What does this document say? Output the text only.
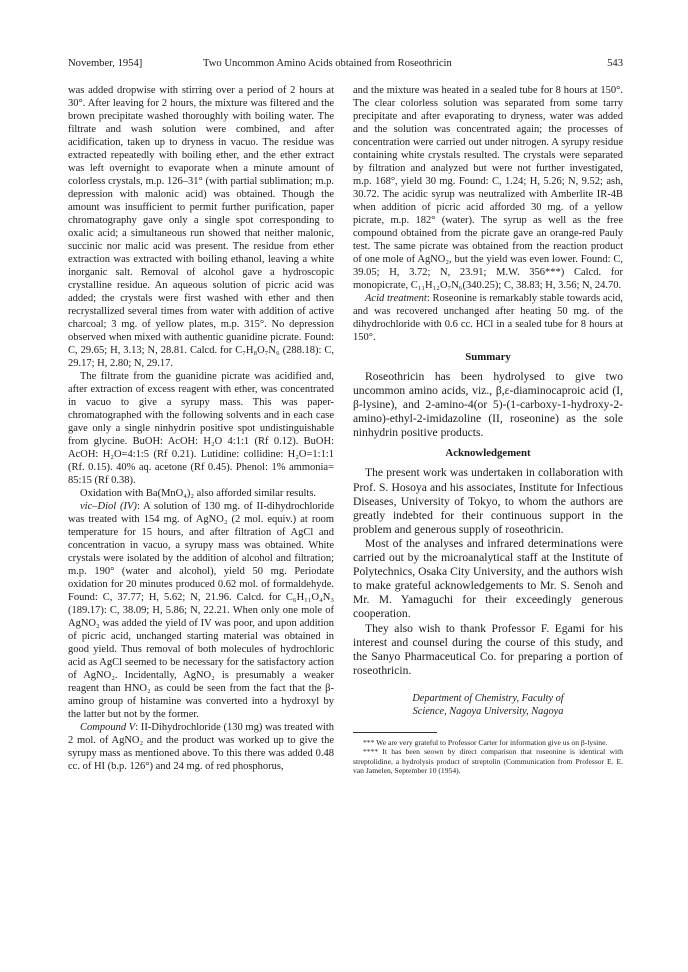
November, 1954]	Two Uncommon Amino Acids obtained from Roseothricin	543

was added dropwise with stirring over a period of 2 hours at 30°. After leaving for 2 hours, the mixture was filtered and the brown precipitate washed thoroughly with boiling water. The filtrate and wash solution were combined, and after acidification, taken up to dryness in vacuo. The residue was extracted repeatedly with boiling ether, and the ether extract was left overnight to evaporate when a minute amount of colorless crystals, m.p. 126–31° (with partial sublimation; m.p. depression with malonic acid) was obtained. Though the amount was insufficient to permit further purification, paper chromatography gave only a single spot corresponding to oxalic acid; a simultaneous run showed that neither malonic, succinic nor malic acid was present. The residue from ether extraction was extracted with boiling ethanol, leaving a white inorganic salt. Removal of alcohol gave a hydroscopic crystalline residue. An aqueous solution of picric acid was added; the crystals were first washed with ether and then recrystallized several times from water with addition of active charcoal; 3 mg. of yellow plates, m.p. 315°. No depression observed when mixed with authentic guanidine picrate. Found: C, 29.65; H, 3.13; N, 28.81. Calcd. for C₇H₈O₇N₆ (288.18): C, 29.17; H, 2.80; N, 29.17.

The filtrate from the guanidine picrate was acidified and, after extraction of excess reagent with ether, was concentrated in vacuo to give a syrupy mass. This was paper-chromatographed with the following solvents and in each case gave only a single ninhydrin positive spot undistinguishable from glycine. BuOH: AcOH: H₂O 4:1:1 (Rf 0.12). BuOH: AcOH: H₂O=4:1:5 (Rf 0.21). Lutidine: collidine: H₂O=1:1:1 (Rf. 0.15). 40% aq. acetone (Rf 0.45). Phenol: 1% ammonia= 85:15 (Rf 0.38).

Oxidation with Ba(MnO₄)₂ also afforded similar results.

vic–Diol (IV): A solution of 130 mg. of II-dihydrochloride was treated with 154 mg. of AgNO₂ (2 mol. equiv.) at room temperature for 15 hours, and after filtration of AgCl and concentration in vacuo, a syrupy mass was obtained. White crystals were isolated by the addition of alcohol and filtration; m.p. 190° (water and alcohol), yield 50 mg. Periodate oxidation for 20 minutes produced 0.62 mol. of formaldehyde. Found: C, 37.77; H, 5.62; N, 21.96. Calcd. for C₆H₁₁O₄N₃ (189.17): C, 38.09; H, 5.86; N, 22.21. When only one mole of AgNO₂ was added the yield of IV was poor, and upon addition of picric acid, unchanged starting material was obtained in good yield. Thus removal of both molecules of hydrochloric acid as AgCl seemed to be necessary for the satisfactory action of AgNO₂. Incidentally, AgNO₂ is presumably a weaker reagent than HNO₂ as could be seen from the fact that the β-amino group of histamine was converted into a hydroxyl by the latter but not by the former.

Compound V: II-Dihydrochloride (130 mg) was treated with 2 mol. of AgNO₂ and the product was worked up to give the syrupy mass as mentioned above. To this there was added 0.48 cc. of HI (b.p. 126°) and 24 mg. of red phosphorus,

and the mixture was heated in a sealed tube for 8 hours at 150°. The clear colorless solution was separated from some tarry precipitate and after evaporating to dryness, water was added and the solution was concentrated again; the processes of concentration were carried out under nitrogen. A syrupy residue containing white crystals resulted. The crystals were separated by filtration and analyzed but were not further investigated, m.p. 168°, yield 30 mg. Found: C, 1.24; H, 5.26; N, 9.52; ash, 30.72. The acidic syrup was neutralized with Amberlite IR-4B when addition of picric acid afforded 30 mg. of a yellow picrate, m.p. 182° (water). The syrup as well as the free compound obtained from the picrate gave an orange-red Pauly test. The same picrate was obtained from the reaction product of one mole of AgNO₂, but the yield was even lower. Found: C, 39.05; H, 3.72; N, 23.91; M.W. 356***) Calcd. for monopicrate, C₁₁H₁₂O₇N₆(340.25); C, 38.83; H, 3.56; N, 24.70.

Acid treatment: Roseonine is remarkably stable towards acid, and was recovered unchanged after heating 50 mg. of the dihydrochloride with 0.6 cc. HCl in a sealed tube for 8 hours at 150°.

Summary

Roseothricin has been hydrolysed to give two uncommon amino acids, viz., β,ε-diaminocaproic acid (I, β-lysine), and 2-amino-4(or 5)-(1-carboxy-1-hydroxy-2-amino)-ethyl-2-imidazoline (II, roseonine) as the sole ninhydrin positive products.

Acknowledgement

The present work was undertaken in collaboration with Prof. S. Hosoya and his associates, Institute for Infectious Diseases, University of Tokyo, to whom the authors are greatly indebted for their continuous support in the problem and generous supply of roseothricin.

Most of the analyses and infrared determinations were carried out by the microanalytical staff at the Institute of Polytechnics, Osaka City University, and the authors wish to make grateful acknowledgements to Mr. S. Senoh and Mr. M. Yamaguchi for their exceedingly generous cooperation.

They also wish to thank Professor F. Egami for his interest and counsel during the course of this study, and the Sanyo Pharmaceutical Co. for preparing a portion of roseothricin.

Department of Chemistry, Faculty of
Science, Nagoya University, Nagoya

*** We are very grateful to Professor Carter for information give us on β-lysine.

**** It has been seown by direct comparison that roseonine is identical with streptolidine, a hydrolysis product of streptolin (Communication from Professor E. E. van Jamelen, September 10 (1954).
